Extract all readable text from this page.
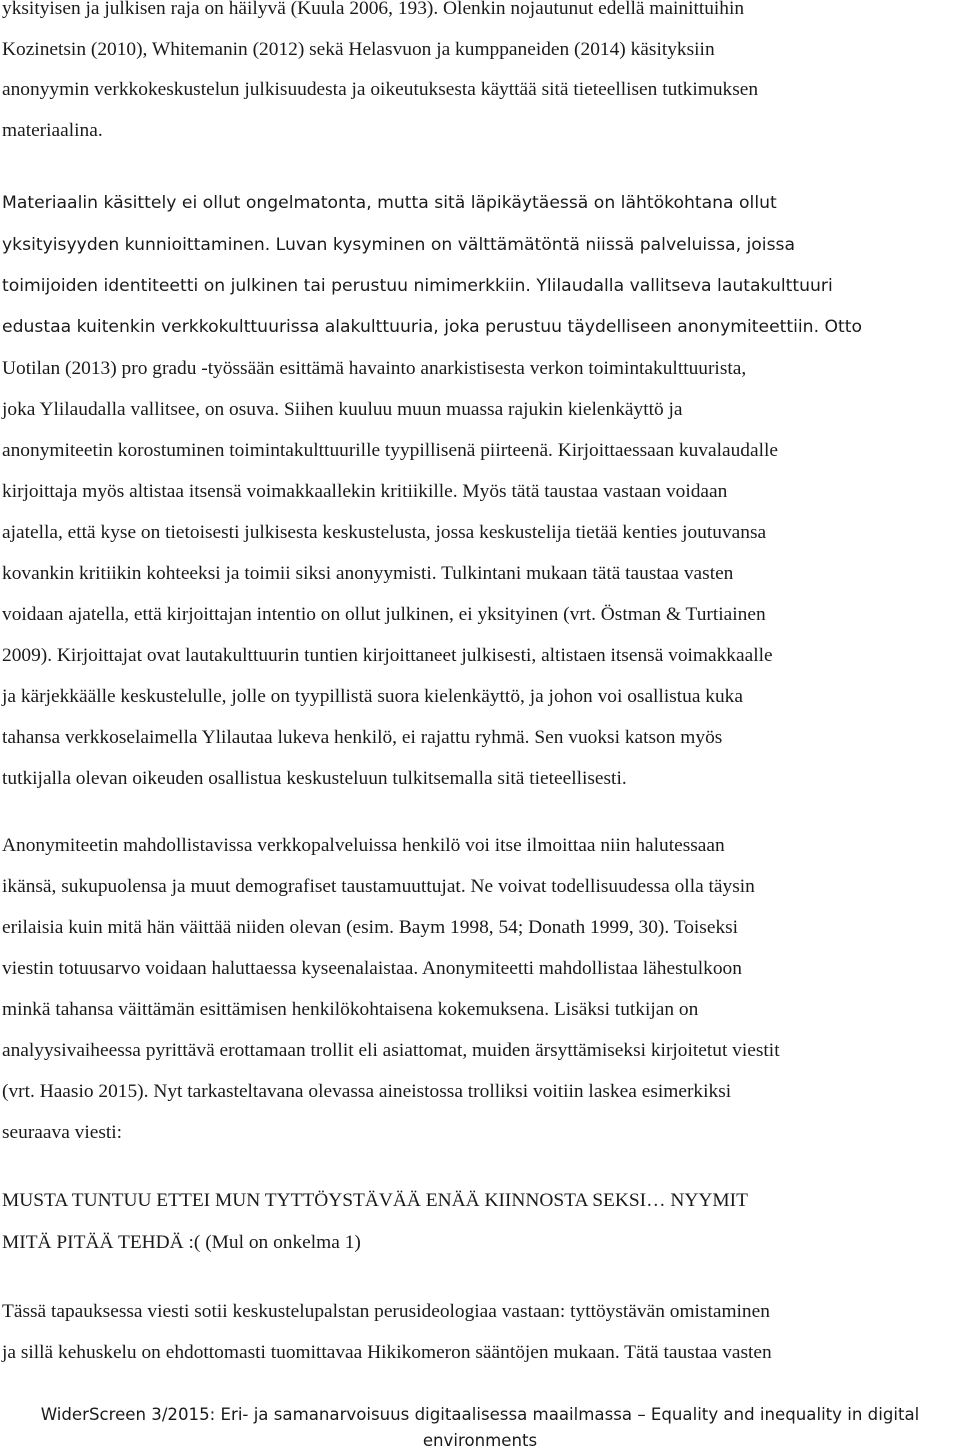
yksityisen ja julkisen raja on häilyvä (Kuula 2006, 193). Olenkin nojautunut edellä mainittuihin
Kozinetsin (2010), Whitemanin (2012) sekä Helasvuon ja kumppaneiden (2014) käsityksiin
anonyymin verkkokeskustelun julkisuudesta ja oikeutuksesta käyttää sitä tieteellisen tutkimuksen
materiaalina.
Materiaalin käsittely ei ollut ongelmatonta, mutta sitä läpikäytäessä on lähtökohtana ollut
yksityisyyden kunnioittaminen. Luvan kysyminen on välttämätöntä niissä palveluissa, joissa
toimijoiden identiteetti on julkinen tai perustuu nimimerkkiin. Ylilaudalla vallitseva lautakulttuuri
edustaa kuitenkin verkkokulttuurissa alakulttuuria, joka perustuu täydelliseen anonymiteettiin. Otto
Uotilan (2013) pro gradu -työssään esittämä havainto anarkistisesta verkon toimintakulttuurista,
joka Ylilaudalla vallitsee, on osuva. Siihen kuuluu muun muassa rajukin kielenkäyttö ja
anonymiteetin korostuminen toimintakulttuurille tyypillisenä piirteenä. Kirjoittaessaan kuvalaudalle
kirjoittaja myös altistaa itsensä voimakkaallekin kritiikille. Myös tätä taustaa vastaan voidaan
ajatella, että kyse on tietoisesti julkisesta keskustelusta, jossa keskustelija tietää kenties joutuvansa
kovankin kritiikin kohteeksi ja toimii siksi anonyymisti. Tulkintani mukaan tätä taustaa vasten
voidaan ajatella, että kirjoittajan intentio on ollut julkinen, ei yksityinen (vrt. Östman & Turtiainen
2009). Kirjoittajat ovat lautakulttuurin tuntien kirjoittaneet julkisesti, altistaen itsensä voimakkaalle
ja kärjekkäälle keskustelulle, jolle on tyypillistä suora kielenkäyttö, ja johon voi osallistua kuka
tahansa verkkoselaimella Ylilautaa lukeva henkilö, ei rajattu ryhmä. Sen vuoksi katson myös
tutkijalla olevan oikeuden osallistua keskusteluun tulkitsemalla sitä tieteellisesti.
Anonymiteetin mahdollistavissa verkkopalveluissa henkilö voi itse ilmoittaa niin halutessaan
ikänsä, sukupuolensa ja muut demografiset taustamuuttujat. Ne voivat todellisuudessa olla täysin
erilaisia kuin mitä hän väittää niiden olevan (esim. Baym 1998, 54; Donath 1999, 30). Toiseksi
viestin totuusarvo voidaan haluttaessa kyseenalaistaa. Anonymiteetti mahdollistaa lähestulkoon
minkä tahansa väittämän esittämisen henkilökohtaisena kokemuksena. Lisäksi tutkijan on
analyysivaiheessa pyrittävä erottamaan trollit eli asiattomat, muiden ärsyttämiseksi kirjoitetut viestit
(vrt. Haasio 2015). Nyt tarkasteltavana olevassa aineistossa trolliksi voitiin laskea esimerkiksi
seuraava viesti:
MUSTA TUNTUU ETTEI MUN TYTTÖYSTÄVÄÄ ENÄÄ KIINNOSTA SEKSI… NYYMIT
MITÄ PITÄÄ TEHDÄ :( (Mul on onkelma 1)
Tässä tapauksessa viesti sotii keskustelupalstan perusideologiaa vastaan: tyttöystävän omistaminen
ja sillä kehuskelu on ehdottomasti tuomittavaa Hikikomeron sääntöjen mukaan. Tätä taustaa vasten
WiderScreen 3/2015: Eri- ja samanarvoisuus digitaalisessa maailmassa – Equality and inequality in digital
environments
